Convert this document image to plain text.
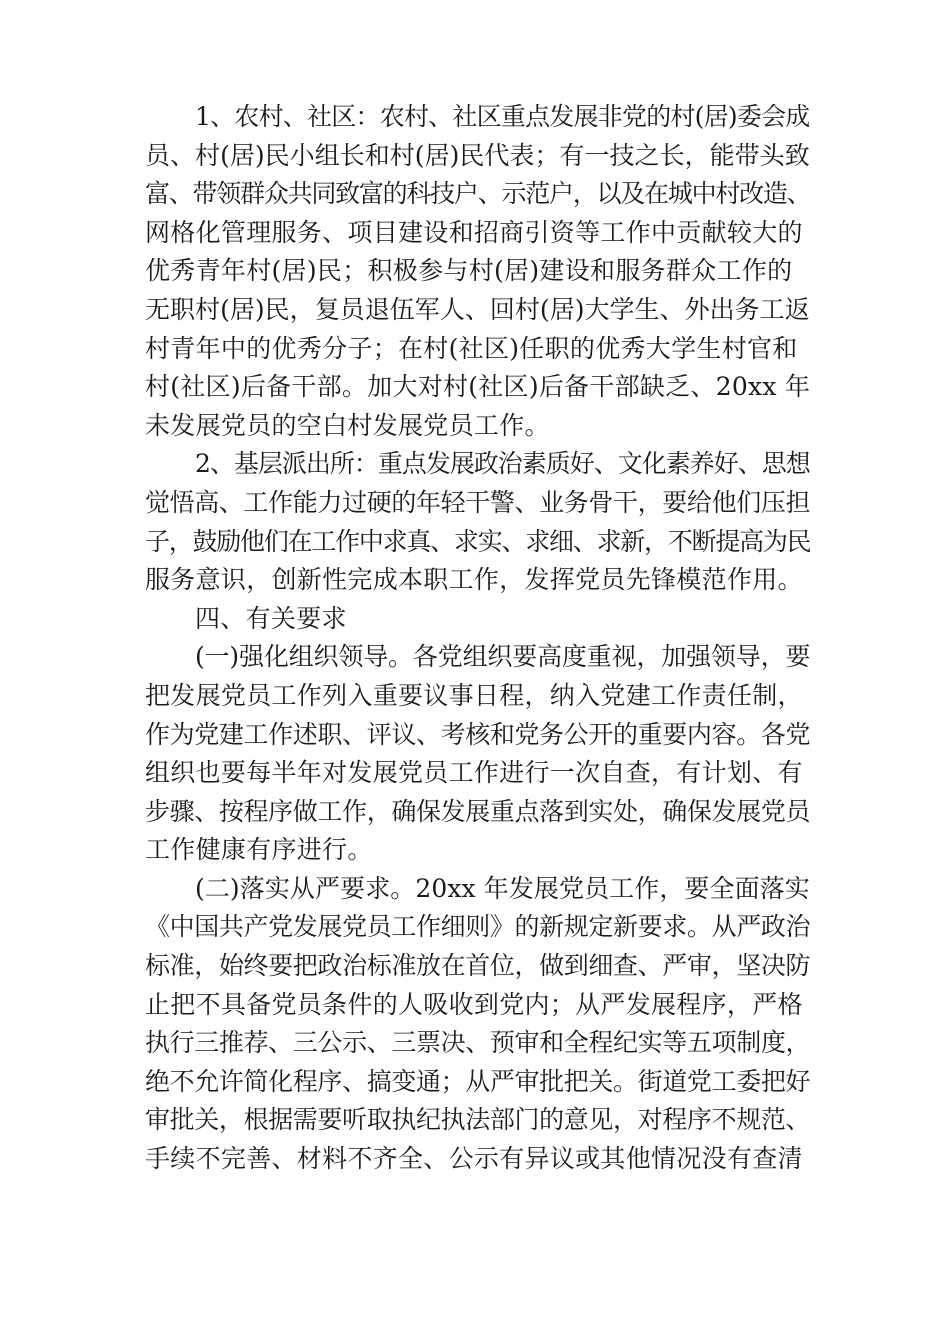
1、农村、社区：农村、社区重点发展非党的村(居)委会成
员、村(居)民小组长和村(居)民代表；有一技之长，能带头致
富、带领群众共同致富的科技户、示范户，以及在城中村改造、
网格化管理服务、项目建设和招商引资等工作中贡献较大的
优秀青年村(居)民；积极参与村(居)建设和服务群众工作的
无职村(居)民，复员退伍军人、回村(居)大学生、外出务工返
村青年中的优秀分子；在村(社区)任职的优秀大学生村官和
村(社区)后备干部。加大对村(社区)后备干部缺乏、20xx 年
未发展党员的空白村发展党员工作。
2、基层派出所：重点发展政治素质好、文化素养好、思想
觉悟高、工作能力过硬的年轻干警、业务骨干，要给他们压担
子，鼓励他们在工作中求真、求实、求细、求新，不断提高为民
服务意识，创新性完成本职工作，发挥党员先锋模范作用。
四、有关要求
(一)强化组织领导。各党组织要高度重视，加强领导，要
把发展党员工作列入重要议事日程，纳入党建工作责任制，
作为党建工作述职、评议、考核和党务公开的重要内容。各党
组织也要每半年对发展党员工作进行一次自查，有计划、有
步骤、按程序做工作，确保发展重点落到实处，确保发展党员
工作健康有序进行。
(二)落实从严要求。20xx 年发展党员工作，要全面落实
《中国共产党发展党员工作细则》的新规定新要求。从严政治
标准，始终要把政治标准放在首位，做到细查、严审，坚决防
止把不具备党员条件的人吸收到党内；从严发展程序，严格
执行三推荐、三公示、三票决、预审和全程纪实等五项制度，
绝不允许简化程序、搞变通；从严审批把关。街道党工委把好
审批关，根据需要听取执纪执法部门的意见，对程序不规范、
手续不完善、材料不齐全、公示有异议或其他情况没有查清
